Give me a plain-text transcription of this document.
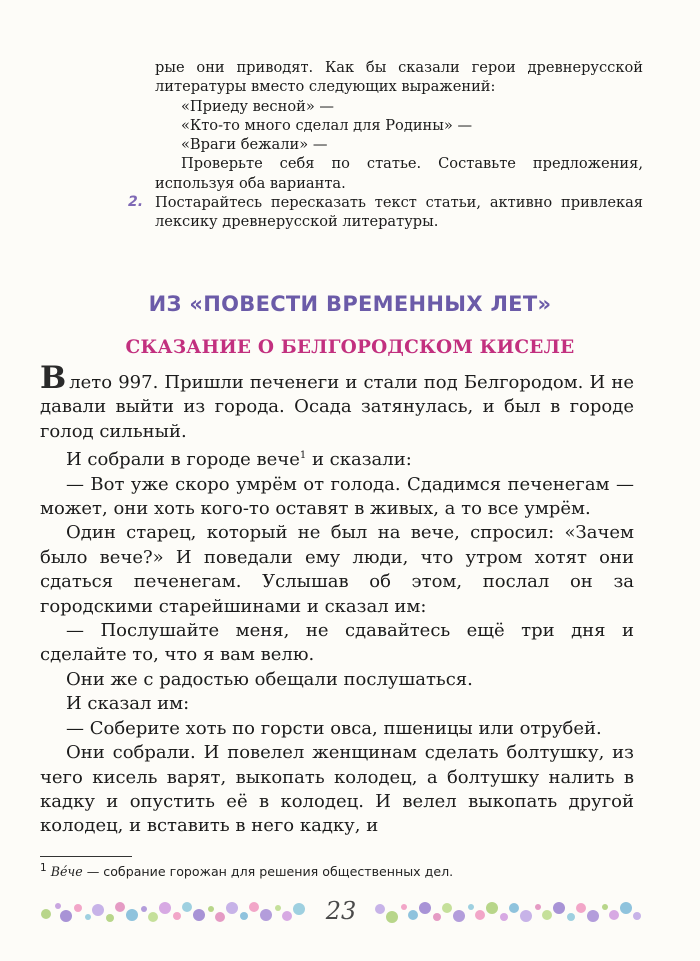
рые они приводят. Как бы сказали герои древнерусской литературы вместо следующих выражений:

«Приеду весной» —

«Кто-то много сделал для Родины» —

«Враги бежали» —

Проверьте себя по статье. Составьте предложения, используя оба варианта.

2. Постарайтесь пересказать текст статьи, активно привлекая лексику древнерусской литературы.

ИЗ «ПОВЕСТИ ВРЕМЕННЫХ ЛЕТ»
СКАЗАНИЕ О БЕЛГОРОДСКОМ КИСЕЛЕ

Влето 997. Пришли печенеги и стали под Белгородом. И не давали выйти из города. Осада затянулась, и был в городе голод сильный.

И собрали в городе вече$^1$ и сказали:

— Вот уже скоро умрём от голода. Сдадимся печенегам — может, они хоть кого-то оставят в живых, а то все умрём.

Один старец, который не был на вече, спросил: «Зачем было вече?» И поведали ему люди, что утром хотят они сдаться печенегам. Услышав об этом, послал он за городскими старейшинами и сказал им:

— Послушайте меня, не сдавайтесь ещё три дня и сделайте то, что я вам велю.

Они же с радостью обещали послушаться.

И сказал им:

— Соберите хоть по горсти овса, пшеницы или отрубей.

Они собрали. И повелел женщинам сделать болтушку, из чего кисель варят, выкопать колодец, а болтушку налить в кадку и опустить её в колодец. И велел выкопать другой колодец, и вставить в него кадку, и

$^1$ Вéче — собрание горожан для решения общественных дел.
23
